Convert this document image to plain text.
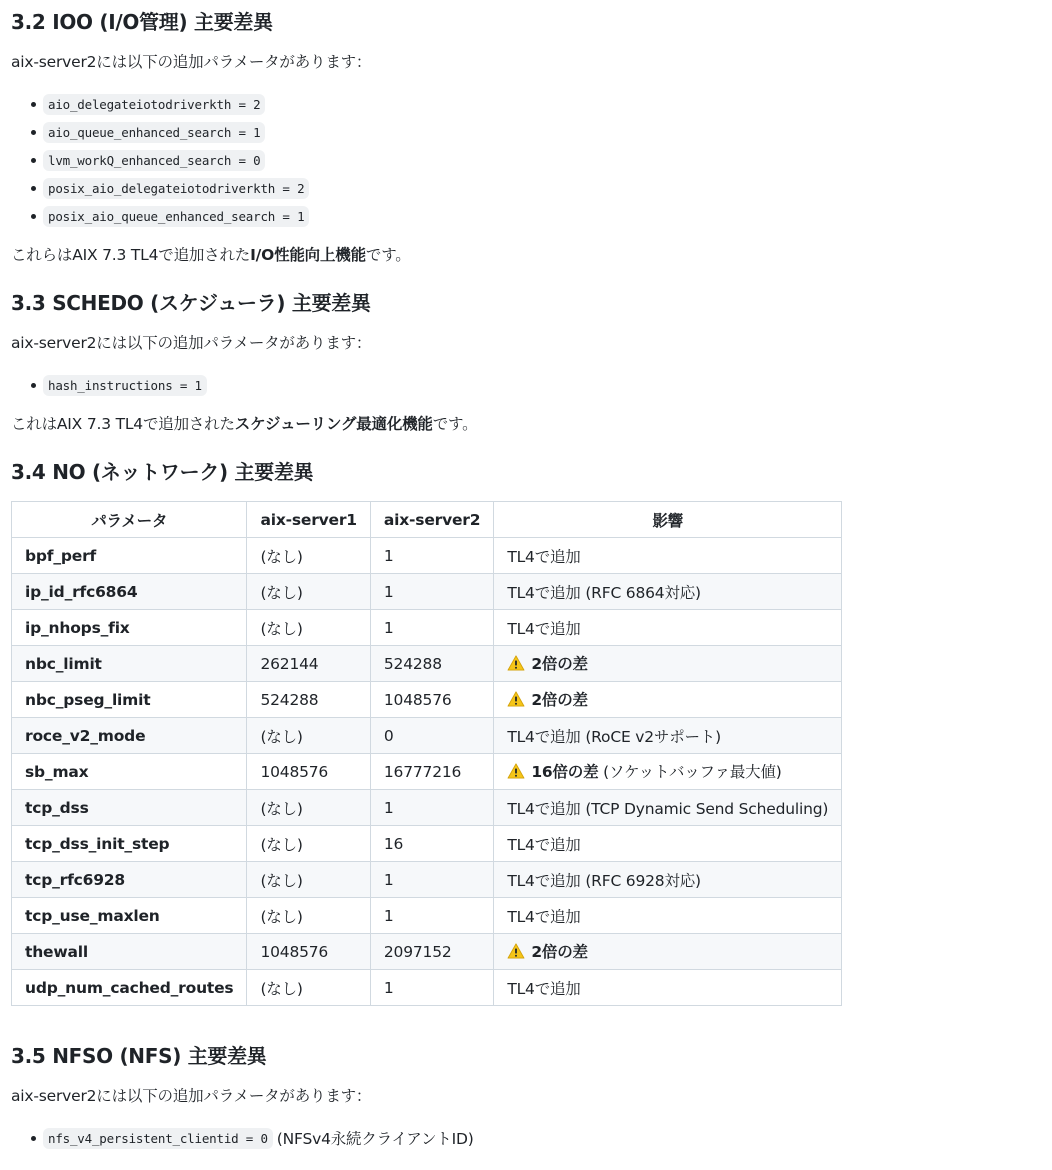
3.2 IOO (I/O管理) 主要差異

aix-server2には以下の追加パラメータがあります：

aio_delegateiotodriverkth = 2
aio_queue_enhanced_search = 1
lvm_workQ_enhanced_search = 0
posix_aio_delegateiotodriverkth = 2
posix_aio_queue_enhanced_search = 1

これらはAIX 7.3 TL4で追加されたI/O性能向上機能です。

3.3 SCHEDO (スケジューラ) 主要差異

aix-server2には以下の追加パラメータがあります：

hash_instructions = 1

これはAIX 7.3 TL4で追加されたスケジューリング最適化機能です。

3.4 NO (ネットワーク) 主要差異
パラメータ	aix-server1	aix-server2	影響
bpf_perf	(なし)	1	TL4で追加
ip_id_rfc6864	(なし)	1	TL4で追加 (RFC 6864対応)
ip_nhops_fix	(なし)	1	TL4で追加
nbc_limit	262144	524288	2倍の差
nbc_pseg_limit	524288	1048576	2倍の差
roce_v2_mode	(なし)	0	TL4で追加 (RoCE v2サポート)
sb_max	1048576	16777216	16倍の差 (ソケットバッファ最大値)
tcp_dss	(なし)	1	TL4で追加 (TCP Dynamic Send Scheduling)
tcp_dss_init_step	(なし)	16	TL4で追加
tcp_rfc6928	(なし)	1	TL4で追加 (RFC 6928対応)
tcp_use_maxlen	(なし)	1	TL4で追加
thewall	1048576	2097152	2倍の差
udp_num_cached_routes	(なし)	1	TL4で追加
3.5 NFSO (NFS) 主要差異

aix-server2には以下の追加パラメータがあります：

nfs_v4_persistent_clientid = 0 (NFSv4永続クライアントID)
